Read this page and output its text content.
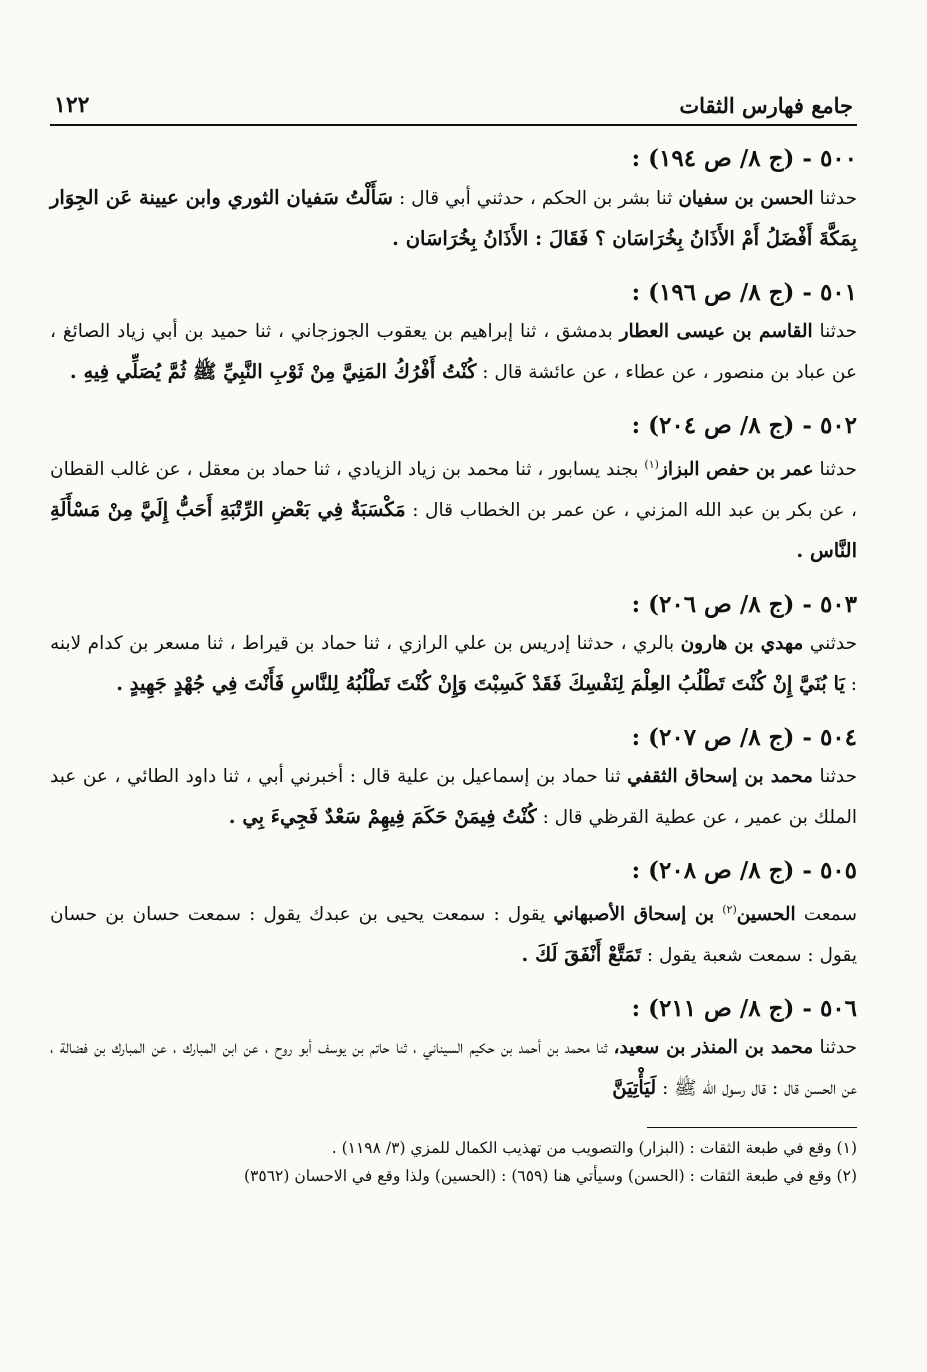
جامع فهارس الثقات
١٢٢

٥٠٠ - (ج ٨/ ص ١٩٤) :

حدثنا الحسن بن سفيان ثنا بشر بن الحكم ، حدثني أبي قال : سَأَلْتُ سَفيان الثوري وابن عيينة عَن الجِوَار بِمَكَّةَ أَفْضَلُ أَمْ الأَذَانُ بِخُرَاسَان ؟ فَقَالَ : الأَذَانُ بِخُرَاسَان .

٥٠١ - (ج ٨/ ص ١٩٦) :

حدثنا القاسم بن عيسى العطار بدمشق ، ثنا إبراهيم بن يعقوب الجوزجاني ، ثنا حميد بن أبي زياد الصائغ ، عن عباد بن منصور ، عن عطاء ، عن عائشة قال : كُنْتُ أَفْرُكُ المَنِيَّ مِنْ ثَوْبِ النَّبِيِّ ﷺ ثُمَّ يُصَلِّي فِيهِ .

٥٠٢ - (ج ٨/ ص ٢٠٤) :

حدثنا عمر بن حفص البزاز$^{(١)}$ بجند يسابور ، ثنا محمد بن زياد الزيادي ، ثنا حماد بن معقل ، عن غالب القطان ، عن بكر بن عبد الله المزني ، عن عمر بن الخطاب قال : مَكْسَبَةٌ فِي بَعْضِ الرِّتْبَةِ أَحَبُّ إِلَيَّ مِنْ مَسْأَلَةِ النَّاس .

٥٠٣ - (ج ٨/ ص ٢٠٦) :

حدثني مهدي بن هارون بالري ، حدثنا إدريس بن علي الرازي ، ثنا حماد بن قيراط ، ثنا مسعر بن كدام لابنه : يَا بُنَيَّ إِنْ كُنْتَ تَطْلُبُ العِلْمَ لِنَفْسِكَ فَقَدْ كَسِبْتَ وَإِنْ كُنْتَ تَطْلُبُهُ لِلنَّاسِ فَأَنْتَ فِي جُهْدٍ جَهِيدٍ .

٥٠٤ - (ج ٨/ ص ٢٠٧) :

حدثنا محمد بن إسحاق الثقفي ثنا حماد بن إسماعيل بن علية قال : أخبرني أبي ، ثنا داود الطائي ، عن عبد الملك بن عمير ، عن عطية القرظي قال : كُنْتُ فِيمَنْ حَكَمَ فِيهِمْ سَعْدٌ فَجِيءَ بِي .

٥٠٥ - (ج ٨/ ص ٢٠٨) :

سمعت الحسين$^{(٢)}$ بن إسحاق الأصبهاني يقول : سمعت يحيى بن عبدك يقول : سمعت حسان بن حسان يقول : سمعت شعبة يقول : تَمَتَّعْ أَنْفَقَ لَكَ .

٥٠٦ - (ج ٨/ ص ٢١١) :

حدثنا محمد بن المنذر بن سعيد، ثنا محمد بن أحمد بن حكيم السيناني ، ثنا حاتم بن يوسف أبو روح ، عن ابن المبارك ، عن المبارك بن فضالة ، عن الحسن قال : قال رسول الله ﷺ : لَيَأْتِيَنَّ

(١) وقع في طبعة الثقات : (البزار) والتصويب من تهذيب الكمال للمزي (٣/ ١١٩٨) .

(٢) وقع في طبعة الثقات : (الحسن) وسيأتي هنا (٦٥٩) : (الحسين) ولذا وقع في الاحسان (٣٥٦٢)
